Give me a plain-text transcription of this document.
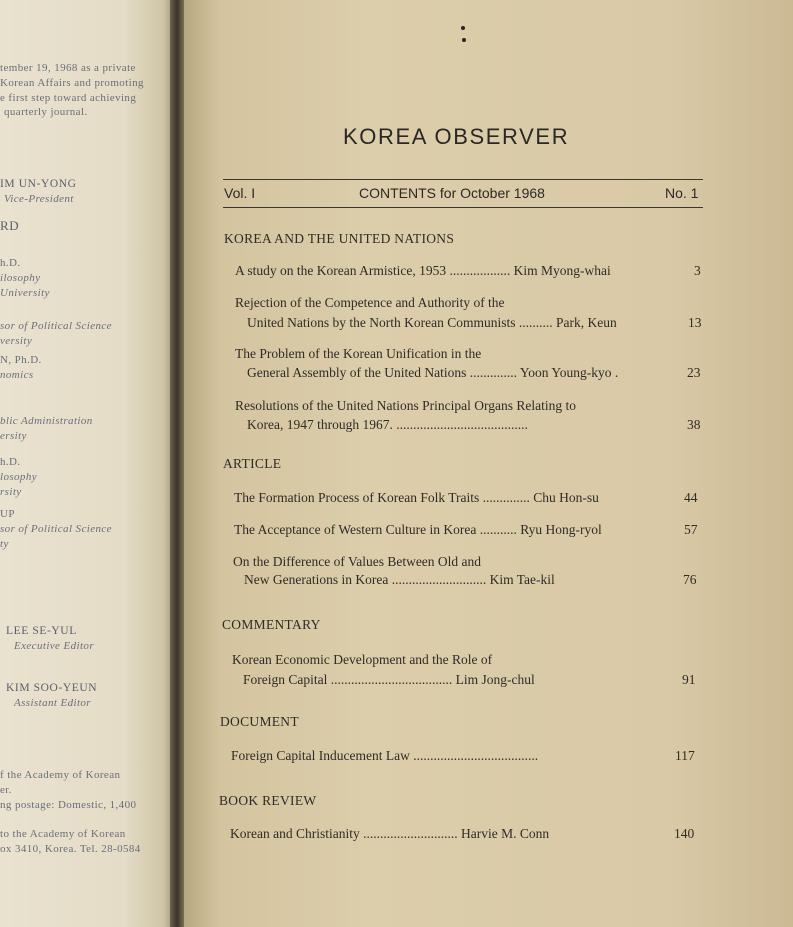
tember 19, 1968 as a private
Korean Affairs and promoting
e first step toward achieving
quarterly journal.
IM UN-YONG
Vice-President
RD
h.D.
ilosophy
University
sor of Political Science
versity
N, Ph.D.
nomics
blic Administration
ersity
h.D.
losophy
rsity
UP
sor of Political Science
ty
LEE SE-YUL
Executive Editor
KIM SOO-YEUN
Assistant Editor
f the Academy of Korean
er.
ng postage: Domestic, 1,400
to the Academy of Korean
ox 3410, Korea. Tel. 28-0584
KOREA OBSERVER
Vol. I	CONTENTS for October 1968	No. 1
KOREA AND THE UNITED NATIONS
A study on the Korean Armistice, 1953 .................. Kim Myong-whai	3
Rejection of the Competence and Authority of the
United Nations by the North Korean Communists .......... Park, Keun	13
The Problem of the Korean Unification in the
General Assembly of the United Nations .............. Yoon Young-kyo .	23
Resolutions of the United Nations Principal Organs Relating to
Korea, 1947 through 1967. .......................................	38
ARTICLE
The Formation Process of Korean Folk Traits .............. Chu Hon-su	44
The Acceptance of Western Culture in Korea ........... Ryu Hong-ryol	57
On the Difference of Values Between Old and
New Generations in Korea ............................ Kim Tae-kil	76
COMMENTARY
Korean Economic Development and the Role of
Foreign Capital .................................... Lim Jong-chul	91
DOCUMENT
Foreign Capital Inducement Law .....................................	117
BOOK REVIEW
Korean and Christianity ............................ Harvie M. Conn	140
